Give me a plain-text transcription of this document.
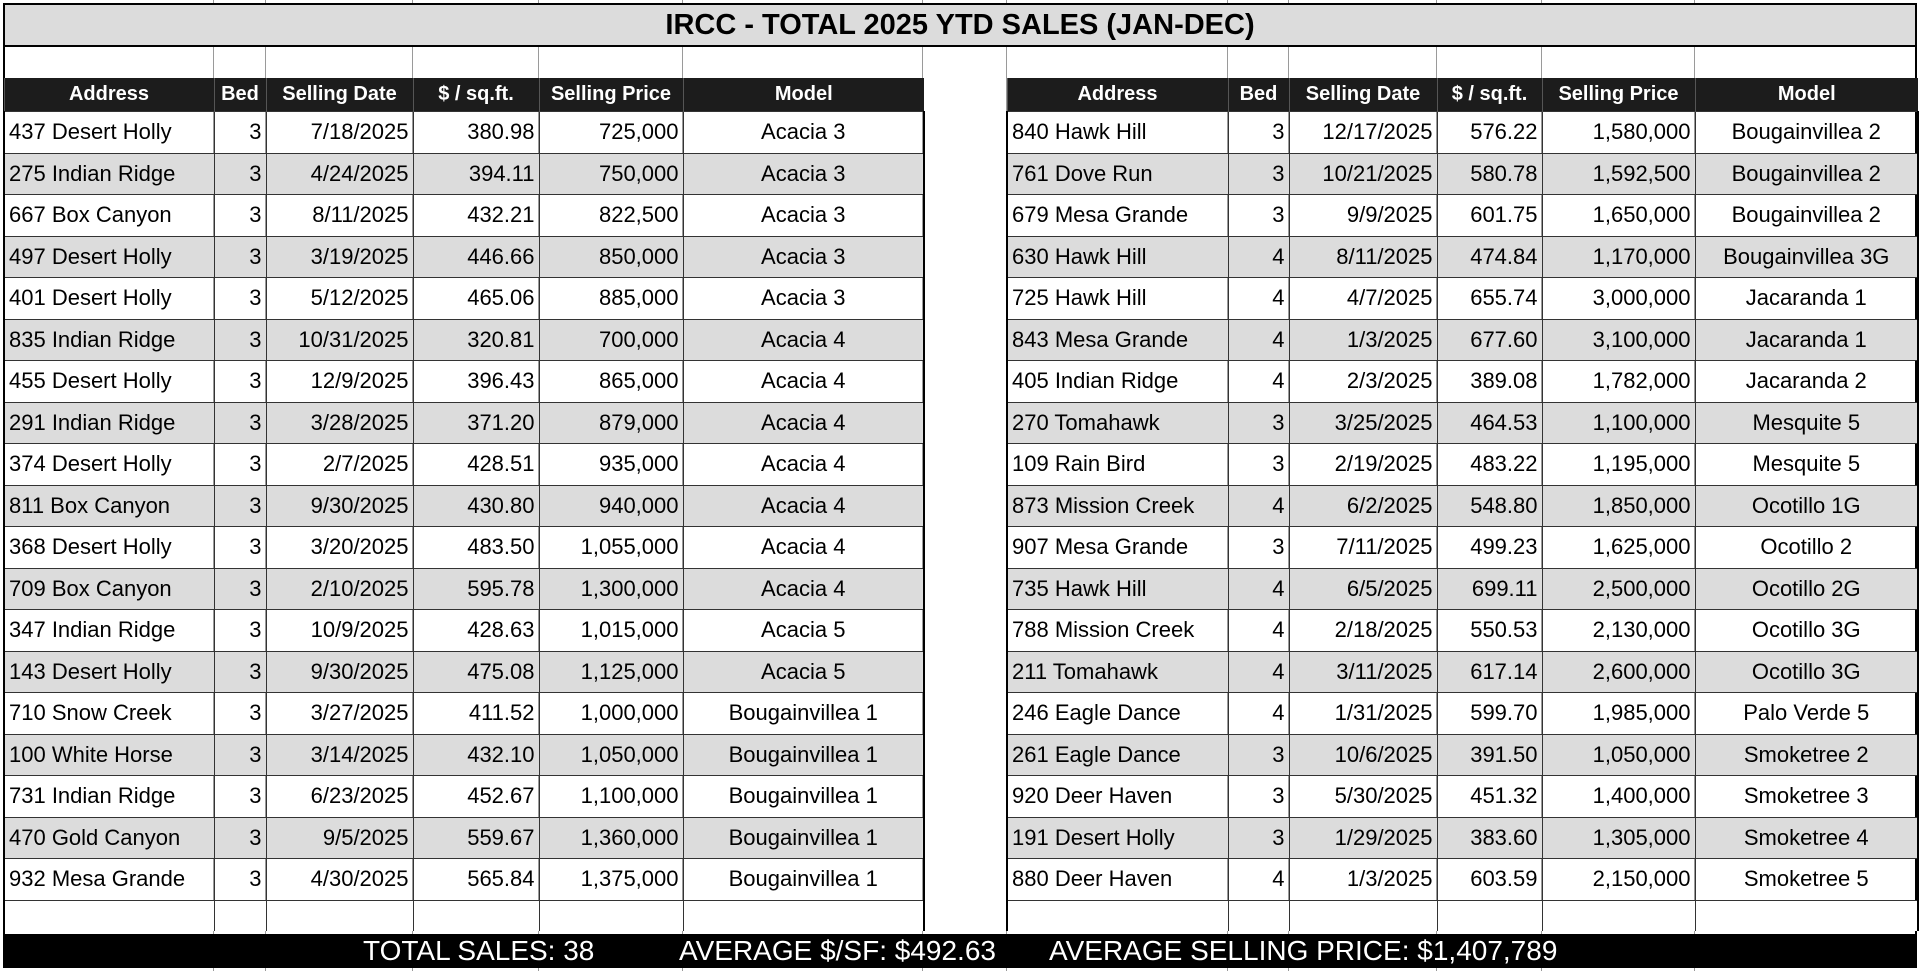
IRCC - TOTAL 2025 YTD SALES (JAN-DEC)
Address	Bed	Selling Date	$ / sq.ft.	Selling Price	Model
437 Desert Holly	3	7/18/2025	380.98	725,000	Acacia 3
275 Indian Ridge	3	4/24/2025	394.11	750,000	Acacia 3
667 Box Canyon	3	8/11/2025	432.21	822,500	Acacia 3
497 Desert Holly	3	3/19/2025	446.66	850,000	Acacia 3
401 Desert Holly	3	5/12/2025	465.06	885,000	Acacia 3
835 Indian Ridge	3	10/31/2025	320.81	700,000	Acacia 4
455 Desert Holly	3	12/9/2025	396.43	865,000	Acacia 4
291 Indian Ridge	3	3/28/2025	371.20	879,000	Acacia 4
374 Desert Holly	3	2/7/2025	428.51	935,000	Acacia 4
811 Box Canyon	3	9/30/2025	430.80	940,000	Acacia 4
368 Desert Holly	3	3/20/2025	483.50	1,055,000	Acacia 4
709 Box Canyon	3	2/10/2025	595.78	1,300,000	Acacia 4
347 Indian Ridge	3	10/9/2025	428.63	1,015,000	Acacia 5
143 Desert Holly	3	9/30/2025	475.08	1,125,000	Acacia 5
710 Snow Creek	3	3/27/2025	411.52	1,000,000	Bougainvillea 1
100 White Horse	3	3/14/2025	432.10	1,050,000	Bougainvillea 1
731 Indian Ridge	3	6/23/2025	452.67	1,100,000	Bougainvillea 1
470 Gold Canyon	3	9/5/2025	559.67	1,360,000	Bougainvillea 1
932 Mesa Grande	3	4/30/2025	565.84	1,375,000	Bougainvillea 1

Address	Bed	Selling Date	$ / sq.ft.	Selling Price	Model
840 Hawk Hill	3	12/17/2025	576.22	1,580,000	Bougainvillea 2
761 Dove Run	3	10/21/2025	580.78	1,592,500	Bougainvillea 2
679 Mesa Grande	3	9/9/2025	601.75	1,650,000	Bougainvillea 2
630 Hawk Hill	4	8/11/2025	474.84	1,170,000	Bougainvillea 3G
725 Hawk Hill	4	4/7/2025	655.74	3,000,000	Jacaranda 1
843 Mesa Grande	4	1/3/2025	677.60	3,100,000	Jacaranda 1
405 Indian Ridge	4	2/3/2025	389.08	1,782,000	Jacaranda 2
270 Tomahawk	3	3/25/2025	464.53	1,100,000	Mesquite 5
109 Rain Bird	3	2/19/2025	483.22	1,195,000	Mesquite 5
873 Mission Creek	4	6/2/2025	548.80	1,850,000	Ocotillo 1G
907 Mesa Grande	3	7/11/2025	499.23	1,625,000	Ocotillo 2
735 Hawk Hill	4	6/5/2025	699.11	2,500,000	Ocotillo 2G
788 Mission Creek	4	2/18/2025	550.53	2,130,000	Ocotillo 3G
211 Tomahawk	4	3/11/2025	617.14	2,600,000	Ocotillo 3G
246 Eagle Dance	4	1/31/2025	599.70	1,985,000	Palo Verde 5
261 Eagle Dance	3	10/6/2025	391.50	1,050,000	Smoketree 2
920 Deer Haven	3	5/30/2025	451.32	1,400,000	Smoketree 3
191 Desert Holly	3	1/29/2025	383.60	1,305,000	Smoketree 4
880 Deer Haven	4	1/3/2025	603.59	2,150,000	Smoketree 5

TOTAL SALES: 38	AVERAGE $/SF: $492.63 AVERAGE SELLING PRICE: $1,407,789
